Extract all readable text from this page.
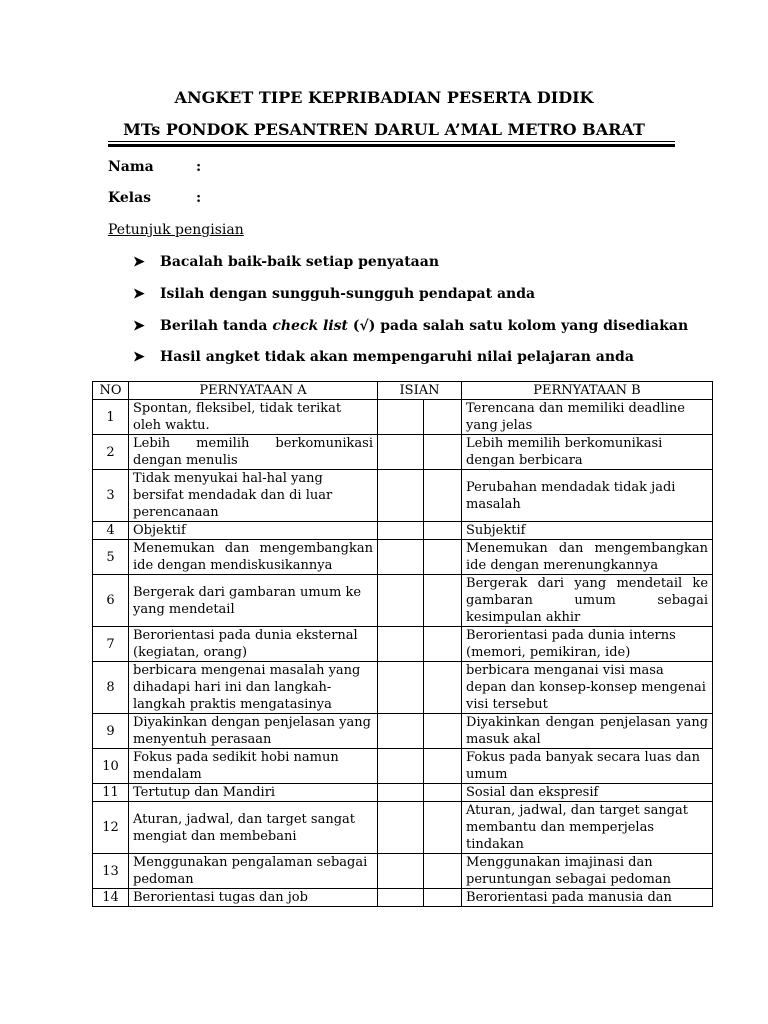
ANGKET TIPE KEPRIBADIAN PESERTA DIDIK
MTs PONDOK PESANTREN DARUL A’MAL METRO BARAT
Nama	:
Kelas	:
Petunjuk pengisian
➤ Bacalah baik-baik setiap penyataan
➤ Isilah dengan sungguh-sungguh pendapat anda
➤ Berilah tanda check list (√) pada salah satu kolom yang disediakan
➤ Hasil angket tidak akan mempengaruhi nilai pelajaran anda
NO	PERNYATAAN A	ISIAN		PERNYATAAN B
1	Spontan, fleksibel, tidak terikat oleh waktu.			Terencana dan memiliki deadline yang jelas
2	Lebih memilih berkomunikasi dengan menulis			Lebih memilih berkomunikasi dengan berbicara
3	Tidak menyukai hal-hal yang bersifat mendadak dan di luar perencanaan			Perubahan mendadak tidak jadi masalah
4	Objektif			Subjektif
5	Menemukan dan mengembangkan ide dengan mendiskusikannya			Menemukan dan mengembangkan ide dengan merenungkannya
6	Bergerak dari gambaran umum ke yang mendetail			Bergerak dari yang mendetail ke gambaran umum sebagai kesimpulan akhir
7	Berorientasi pada dunia eksternal (kegiatan, orang)			Berorientasi pada dunia interns (memori, pemikiran, ide)
8	berbicara mengenai masalah yang dihadapi hari ini dan langkah-langkah praktis mengatasinya			berbicara menganai visi masa depan dan konsep-konsep mengenai visi tersebut
9	Diyakinkan dengan penjelasan yang menyentuh perasaan			Diyakinkan dengan penjelasan yang masuk akal
10	Fokus pada sedikit hobi namun mendalam			Fokus pada banyak secara luas dan umum
11	Tertutup dan Mandiri			Sosial dan ekspresif
12	Aturan, jadwal, dan target sangat mengiat dan membebani			Aturan, jadwal, dan target sangat membantu dan memperjelas tindakan
13	Menggunakan pengalaman sebagai pedoman			Menggunakan imajinasi dan peruntungan sebagai pedoman
14	Berorientasi tugas dan job			Berorientasi pada manusia dan
